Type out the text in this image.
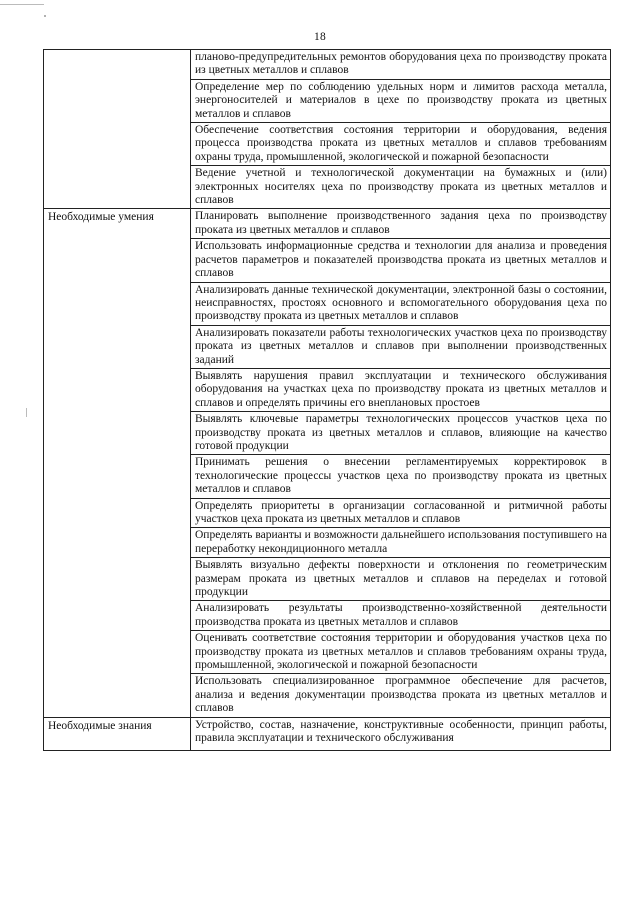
18

	планово-предупредительных ремонтов оборудования цеха по производству проката из цветных металлов и сплавов

	Определение мер по соблюдению удельных норм и лимитов расхода металла, энергоносителей и материалов в цехе по производству проката из цветных металлов и сплавов

	Обеспечение соответствия состояния территории и оборудования, ведения процесса производства проката из цветных металлов и сплавов требованиям охраны труда, промышленной, экологической и пожарной безопасности

	Ведение учетной и технологической документации на бумажных и (или) электронных носителях цеха по производству проката из цветных металлов и сплавов

Необходимые умения	Планировать выполнение производственного задания цеха по производству проката из цветных металлов и сплавов

	Использовать информационные средства и технологии для анализа и проведения расчетов параметров и показателей производства проката из цветных металлов и сплавов

	Анализировать данные технической документации, электронной базы о состоянии, неисправностях, простоях основного и вспомогательного оборудования цеха по производству проката из цветных металлов и сплавов

	Анализировать показатели работы технологических участков цеха по производству проката из цветных металлов и сплавов при выполнении производственных заданий

	Выявлять нарушения правил эксплуатации и технического обслуживания оборудования на участках цеха по производству проката из цветных металлов и сплавов и определять причины его внеплановых простоев

	Выявлять ключевые параметры технологических процессов участков цеха по производству проката из цветных металлов и сплавов, влияющие на качество готовой продукции

	Принимать решения о внесении регламентируемых корректировок в технологические процессы участков цеха по производству проката из цветных металлов и сплавов

	Определять приоритеты в организации согласованной и ритмичной работы участков цеха проката из цветных металлов и сплавов

	Определять варианты и возможности дальнейшего использования поступившего на переработку некондиционного металла

	Выявлять визуально дефекты поверхности и отклонения по геометрическим размерам проката из цветных металлов и сплавов на переделах и готовой продукции

	Анализировать результаты производственно-хозяйственной деятельности производства проката из цветных металлов и сплавов

	Оценивать соответствие состояния территории и оборудования участков цеха по производству проката из цветных металлов и сплавов требованиям охраны труда, промышленной, экологической и пожарной безопасности

	Использовать специализированное программное обеспечение для расчетов, анализа и ведения документации производства проката из цветных металлов и сплавов

Необходимые знания	Устройство, состав, назначение, конструктивные особенности, принцип работы, правила эксплуатации и технического обслуживания
